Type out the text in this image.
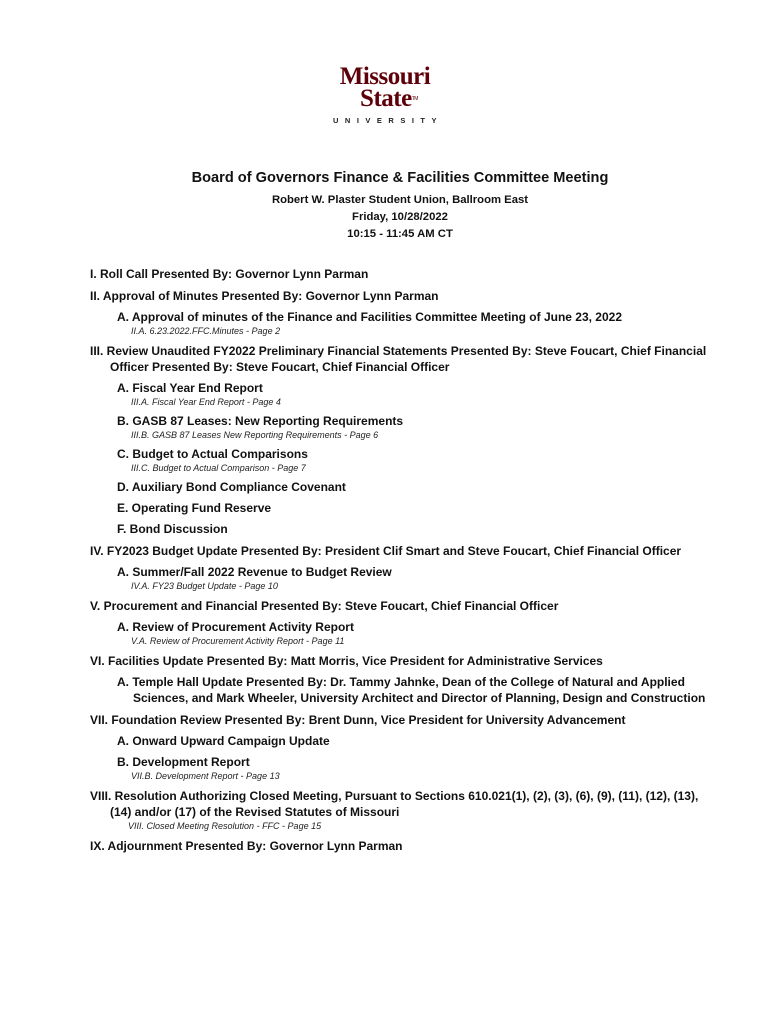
Missouri
StateTM
UNIVERSITY
Board of Governors Finance & Facilities Committee Meeting
Robert W. Plaster Student Union, Ballroom East
Friday, 10/28/2022
10:15 - 11:45 AM CT
I. Roll Call Presented By: Governor Lynn Parman
II. Approval of Minutes Presented By: Governor Lynn Parman
A. Approval of minutes of the Finance and Facilities Committee Meeting of June 23, 2022
II.A. 6.23.2022.FFC.Minutes - Page 2
III. Review Unaudited FY2022 Preliminary Financial Statements Presented By: Steve Foucart, Chief Financial Officer Presented By: Steve Foucart, Chief Financial Officer
A. Fiscal Year End Report
III.A. Fiscal Year End Report - Page 4
B. GASB 87 Leases: New Reporting Requirements
III.B. GASB 87 Leases New Reporting Requirements - Page 6
C. Budget to Actual Comparisons
III.C. Budget to Actual Comparison - Page 7
D. Auxiliary Bond Compliance Covenant
E. Operating Fund Reserve
F. Bond Discussion
IV. FY2023 Budget Update Presented By: President Clif Smart and Steve Foucart, Chief Financial Officer
A. Summer/Fall 2022 Revenue to Budget Review
IV.A. FY23 Budget Update - Page 10
V. Procurement and Financial Presented By: Steve Foucart, Chief Financial Officer
A. Review of Procurement Activity Report
V.A. Review of Procurement Activity Report - Page 11
VI. Facilities Update Presented By: Matt Morris, Vice President for Administrative Services
A. Temple Hall Update Presented By: Dr. Tammy Jahnke, Dean of the College of Natural and Applied Sciences, and Mark Wheeler, University Architect and Director of Planning, Design and Construction
VII. Foundation Review Presented By: Brent Dunn, Vice President for University Advancement
A. Onward Upward Campaign Update
B. Development Report
VII.B. Development Report - Page 13
VIII. Resolution Authorizing Closed Meeting, Pursuant to Sections 610.021(1), (2), (3), (6), (9), (11), (12), (13), (14) and/or (17) of the Revised Statutes of Missouri
VIII. Closed Meeting Resolution - FFC - Page 15
IX. Adjournment Presented By: Governor Lynn Parman
